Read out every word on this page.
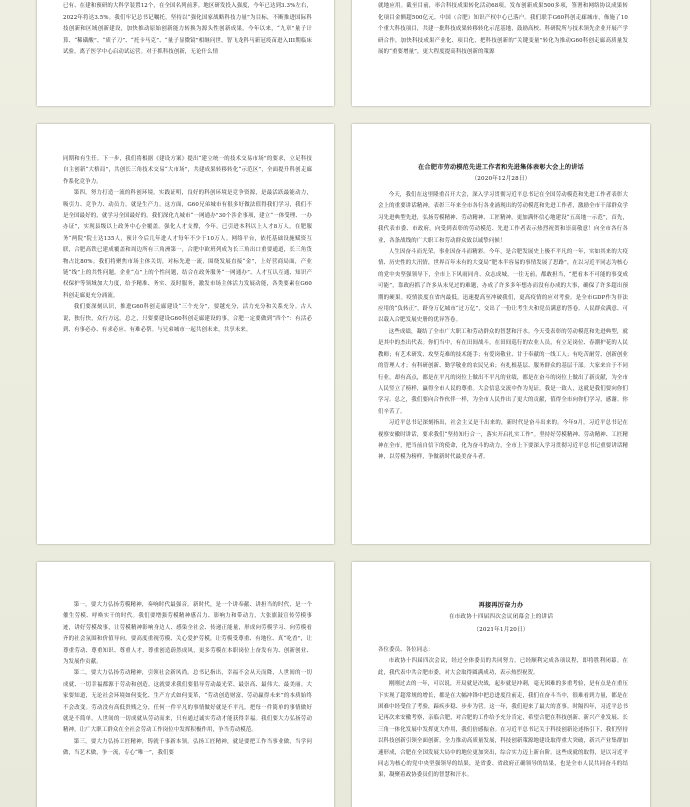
已有、在建和预研的大科学装置12个，在全国名列前茅。地区研发投入强度，今年已达到3.3%左右，2022年将达3.5%。我们牢记总书记嘱托，坚持以“强化国家战略科技力量”为目标，不断推进国际科技创新和区域创新建设，加快推动原始创新能力转换为源头性创新成果。今年以来，“九章”量子计算、“稀磺酸”、“质子刀”、“托卡马克”、“量子显微镜”相继问世，智飞龙科马新冠疫苗进入III期临床试验，离子医学中心启动试运营。对于抓科技创新，无论什么情

就地应用。截至目前，率合科技成果转化活动68项，发布创新成果500多项，签署和网络协议成果转化项目金额超500亿元。中国（合肥）知识产权中心已落户。我们联手G60科创走廊城市，佈施了10个重大科技项目，共建一批科技成果转移转化示范基地，鼓励高校、科研院所与技术领先企业开展产学研合作，加快科技成果产业化、项目化，把科技创新的“关键变量”转化为推动G60科创走廊高质量发展的“重要增量”，更大程度提高科技创新的策源

同期和有生任。下一步，我们将根据《建设方案》提出“建立统一的技术交易市场”的要求，立足科技自主创新“大格局”，共创长三角技术交易“大市场”，共建成果转移转化“示范区”，全面提升科创走廊作系化竞争力。

第四，努力打造一流的科创环境。实践证明，良好的科创环境是竞争资源，是最活跃最能动力，吸引力、竞争力、动员力，就是生产力。这方面，G60兄弟城市有很多好做法值得我们学习，我们不是全国最好的，就学习全国最好的。我们深化九城市“一网通办”30个涉企事项，建立“一体受理、一办办证”，实现县级以上政务中心全覆盖。强化人才支撑，今年，已引进本科以上人才8万人，在肥服务“两院”院士达135人，预计今后几年进人才每年不少于10万人。网络平台，依托基础设施赋资互联，合肥高铁已建成覆盖和周边所有三角洲第一，合肥中欧班列成为长三角出口重要通道，长三角货物占比80%。我们将聚焦市场主体关切，对标先进一流，围绕发展直接“金”，上好营商局面，产业链“线”上的共性问题，企业“点”上的个性问题，结合在政务服务“一网通办”、人才互认互通、知识产权保护等领域加大力度，给予精准、务实、及时服务，激发市场主体活力发展动能，各类要素在G60科创走廊更充分涌流。

我们要深刻认识，推进G60科创走廊建设“三个充分”，要越充分，活力充分和关系充分。古人说，独行快，众行方远。总之，只要要建设G60科创走廊建设的事，合肥一定要做到“四个”：有活必到、有事必办、有求必应、有难必帮。与兄弟城市一起共创未来，共享未来。

在合肥市劳动模范先进工作者和先进集体表彰大会上的讲话
（2020年12月28日）

今天，我们在这里隆重召开大会，深入学习贯彻习近平总书记在全国劳动模范和先进工作者表彰大会上的重要讲话精神，表彰三年来全市各行各业涌现出的劳动模范和先进工作者，激励全市干部群众学习先进典型先进，弘扬劳模精神、劳动精神、工匠精神，更加满怀信心地建设“五高地一示范”，首先，我代表市委、市政府，向受到表彰的劳动模范、先进工作者表示热烈祝贺和崇高敬意！向全市各行各业、各条战线的广大职工和劳动群众致以诚挚问候！

人生因奋斗而光荣，事业因奋斗而精彩。今年，是合肥发展史上极不平凡的一年，实如其来的大疫情、历史性的大汛情，世界百年未有的大变局“肥本半容易的事情发展了思路”，在以习近平同志为核心的党中央坚强领导下，全市上下风雨同舟、众志成城，一往无前，都敢担当，“把看本不可能的事变成可能”，靠政府抓了许多从未见过的难题，办成了许多多年想办而没有办成的大事，确保了许多超出预期的硬果。疫情淡度在省内最低，迅速提高至冲破我们，更高疫情的应对考验。是全市GDP作为非法应用的“负转正”，跻身万亿城市“过万亿”，交出了一份让考生夫和党员满意的答卷，人民群众满意、可以载入合肥发展史册的优异答卷。

这些成绩，凝结了全市广大职工和劳动群众的智慧和汗水。今天受表彰的劳动模范和先进典型，就是其中的杰出代表。你们当中，有在田间战斗，在田间巡行的农业人员，有立足岗位、春潮护花的人民教师；有艺术研发、攻坚克难的技术能手；有爱岗敬业、甘于奉献的一线工人；有吃苦耐劳、创新创业的管理人才；有科研创新、勤学敬业的农民兄弟；有扎根基层、服务群众的基层干部。大家来自于不同行业，却有高点，都是在平凡的岗位上做出不平凡的业绩，都是在奋斗的岗位上做出了新贡献，为全市人民竖立了榜样，赢得全市人民的尊重。大会信息交流中作为见证，我是一致人，这就是我们要向你们学习。总之，我们要向合作伙伴一样，为全市人民作出了更大的贡献，值得全市向你们学习，感谢。你们辛苦了。

习近平总书记深刻指出，社会主义是干出来的，新时代是奋斗出来的。今年9月，习近平总书记在视察安徽时讲话，要求我们“坚持知行合一，落实开启扎实工作”。坚持好劳模精神、劳动精神、工匠精神在全市，把当前自信下的使命，化为奋斗的动力，全市上下要深入学习贯彻习近平总书记重要讲话精神，以劳模为榜样，争做新时代最美奋斗者。

第一，要大力弘扬劳模精神，奏响时代最强音。新时代，是一个讲奉献、讲担当的时代，是一个催生劳模、呼唤实干的时代。我们要增强劳模精神感召力、影响力和带动力，大张旗鼓宣传劳模事迹，讲好劳模故事，让劳模精神影响身边人、感染全社会、传递正能量，形成向劳模学习、向劳模看齐的社会氛围和价值导向。要高度重视劳模、关心爱护劳模，让劳模受尊重、有地位、真“吃香”，让尊重劳动、尊重知识、尊重人才、尊重创造蔚然成风，更多劳模在本职岗位上奋发有为、创新创业、为发展作贡献。

第二，要大力弘扬劳动精神，引领社会新风尚。总书记指出，幸福不会从天而降，人世间的一切成就、一切幸福都源于劳动和创造。这就要求我们要倡导劳动最光荣、最崇高、最伟大、最美丽。大家要知道，无论社会环境如何变化、生产方式如何变革，“劳动创造财富、劳动赢得未来”的本质始终不会改变。劳动没有高低贵贱之分，任何一件平凡的事情做好就是不平凡。把每一件简单的事情做好就是不简单。人世间的一切成就从劳动而来，只有通过诚实劳动才能获得幸福。我们要大力弘扬劳动精神，让广大职工群众在全社会劳动工作岗位中发挥积极作用，争当劳动模范。

第三，要大力弘扬工匠精神，铸就千事新本领。弘扬工匠精神，就是要把工作当事业做，当学问做，当艺术做，争一流，专心“唯一”，我们要

再接再厉奋力办
在市政协十四届四次会议闭幕会上的讲话
（2021年1月20日）

各位委员、各位同志：

市政协十四届四次会议，经过全体委员的共同努力，已经顺利完成各项议程，即将胜利闭幕。在此，我代表中共合肥市委，对大会取得圆满成功，表示热烈祝贺。

刚刚过去的一年，可以说，开局就是决战，起步就是冲刺，毫无困难的多重考验，是有点是在重压下实现了超常规的增长，都是在大幅冲锋中把总进度往前走，我们在奋斗当中，很难看到力量，都是在困难中经受住了考验，蹄疾步稳、步步为营。这一年，我们迎来了最大的喜事。时隔四年，习近平总书记再次来安徽考察，亲临合肥，对合肥的工作给予充分肯定，希望合肥在科技创新、新兴产业发展、长三角一体化发展中发挥更大作用，我们倍感振奋。在习近平总书记关于科技创新论述指引下，我们坚持以科技创新引领全面创新，全力推动高质量发展，科技创新策源地建设取得重大突破，新兴产业集群加速形成，合肥在全国发展大局中的地位更加突出，综合实力迈上新台阶。这些成就的取得，是以习近平同志为核心的党中央坚强领导的结果，是省委、省政府正确领导的结果，也是全市人民共同奋斗的结果，凝聚着政协委员们的智慧和汗水。
